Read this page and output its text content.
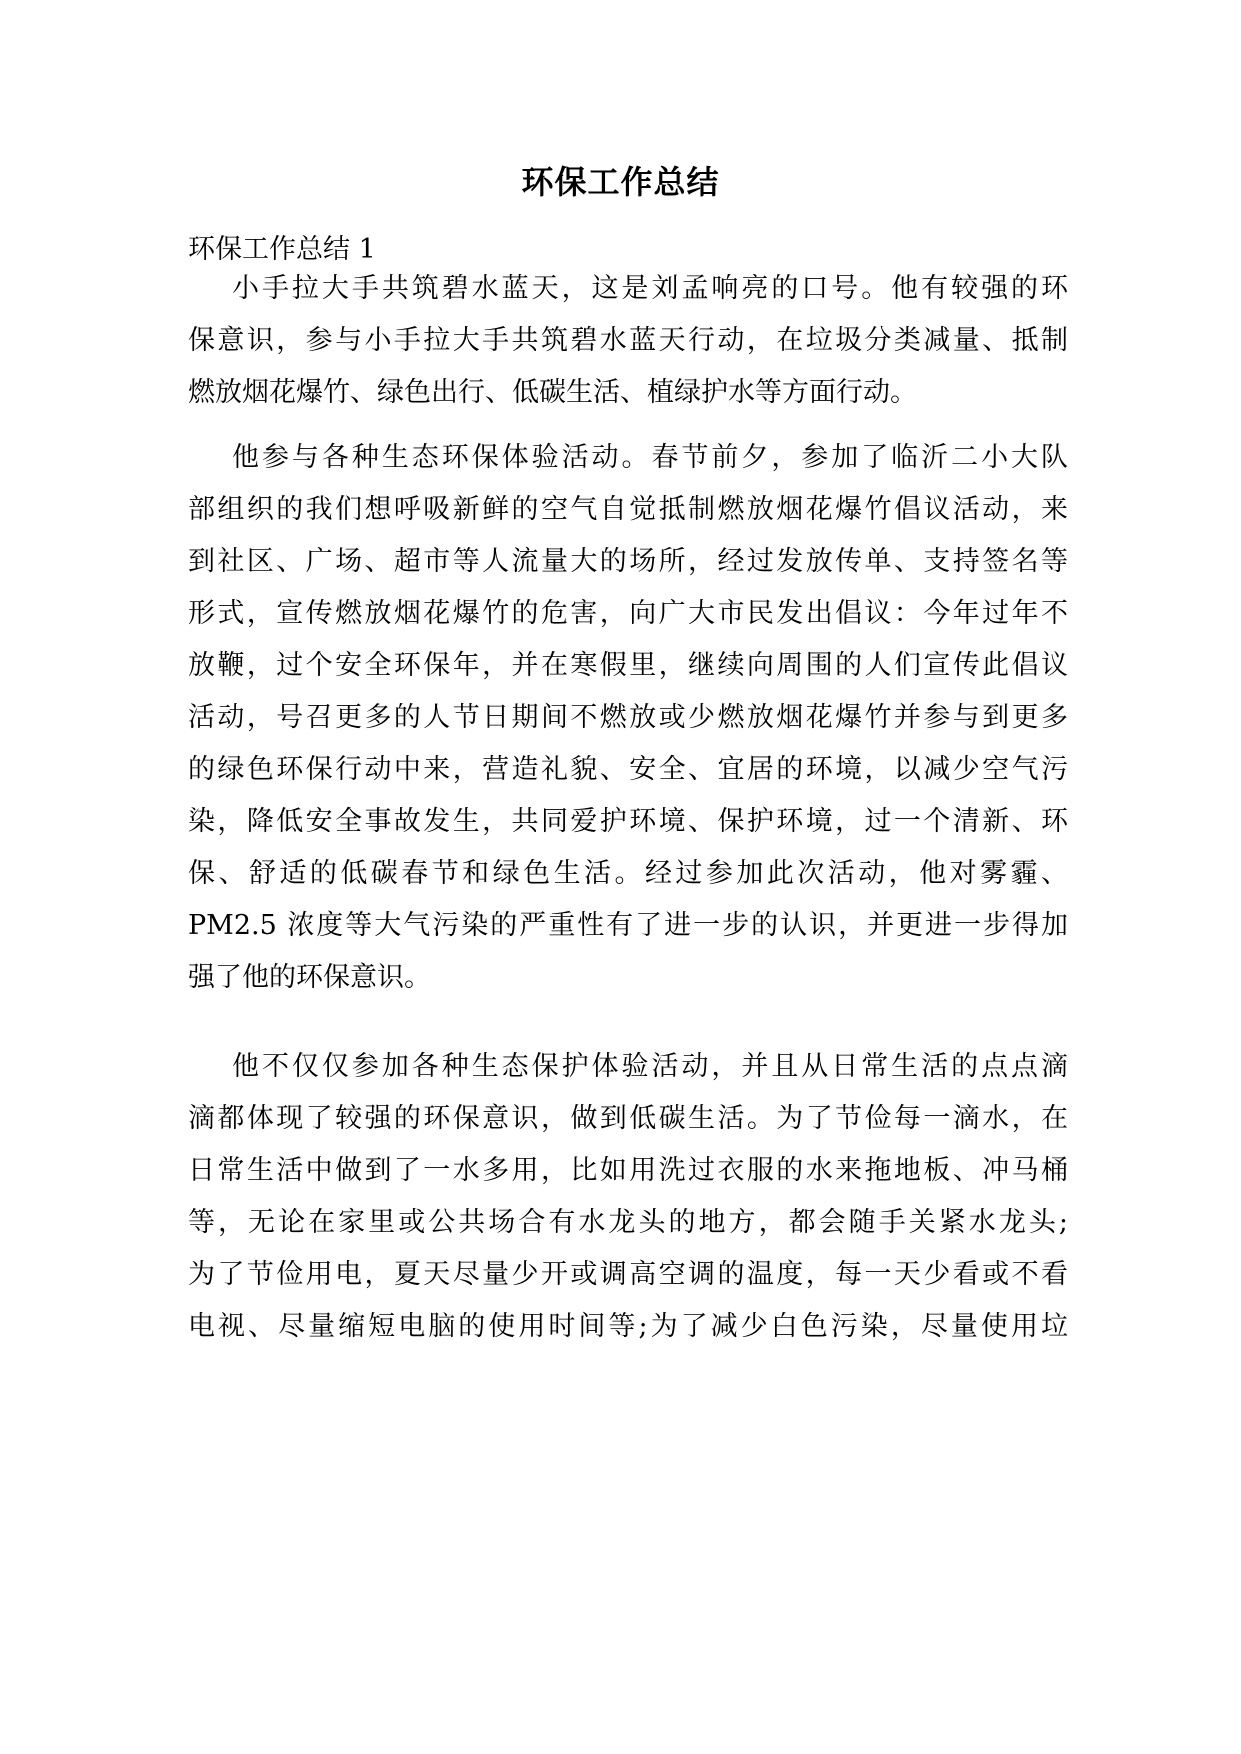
环保工作总结
环保工作总结 1
小手拉大手共筑碧水蓝天，这是刘孟响亮的口号。他有较强的环
保意识，参与小手拉大手共筑碧水蓝天行动，在垃圾分类减量、抵制
燃放烟花爆竹、绿色出行、低碳生活、植绿护水等方面行动。
他参与各种生态环保体验活动。春节前夕，参加了临沂二小大队
部组织的我们想呼吸新鲜的空气自觉抵制燃放烟花爆竹倡议活动，来
到社区、广场、超市等人流量大的场所，经过发放传单、支持签名等
形式，宣传燃放烟花爆竹的危害，向广大市民发出倡议：今年过年不
放鞭，过个安全环保年，并在寒假里，继续向周围的人们宣传此倡议
活动，号召更多的人节日期间不燃放或少燃放烟花爆竹并参与到更多
的绿色环保行动中来，营造礼貌、安全、宜居的环境，以减少空气污
染，降低安全事故发生，共同爱护环境、保护环境，过一个清新、环
保、舒适的低碳春节和绿色生活。经过参加此次活动，他对雾霾、
PM2.5 浓度等大气污染的严重性有了进一步的认识，并更进一步得加
强了他的环保意识。
他不仅仅参加各种生态保护体验活动，并且从日常生活的点点滴
滴都体现了较强的环保意识，做到低碳生活。为了节俭每一滴水，在
日常生活中做到了一水多用，比如用洗过衣服的水来拖地板、冲马桶
等，无论在家里或公共场合有水龙头的地方，都会随手关紧水龙头;
为了节俭用电，夏天尽量少开或调高空调的温度，每一天少看或不看
电视、尽量缩短电脑的使用时间等;为了减少白色污染，尽量使用垃
